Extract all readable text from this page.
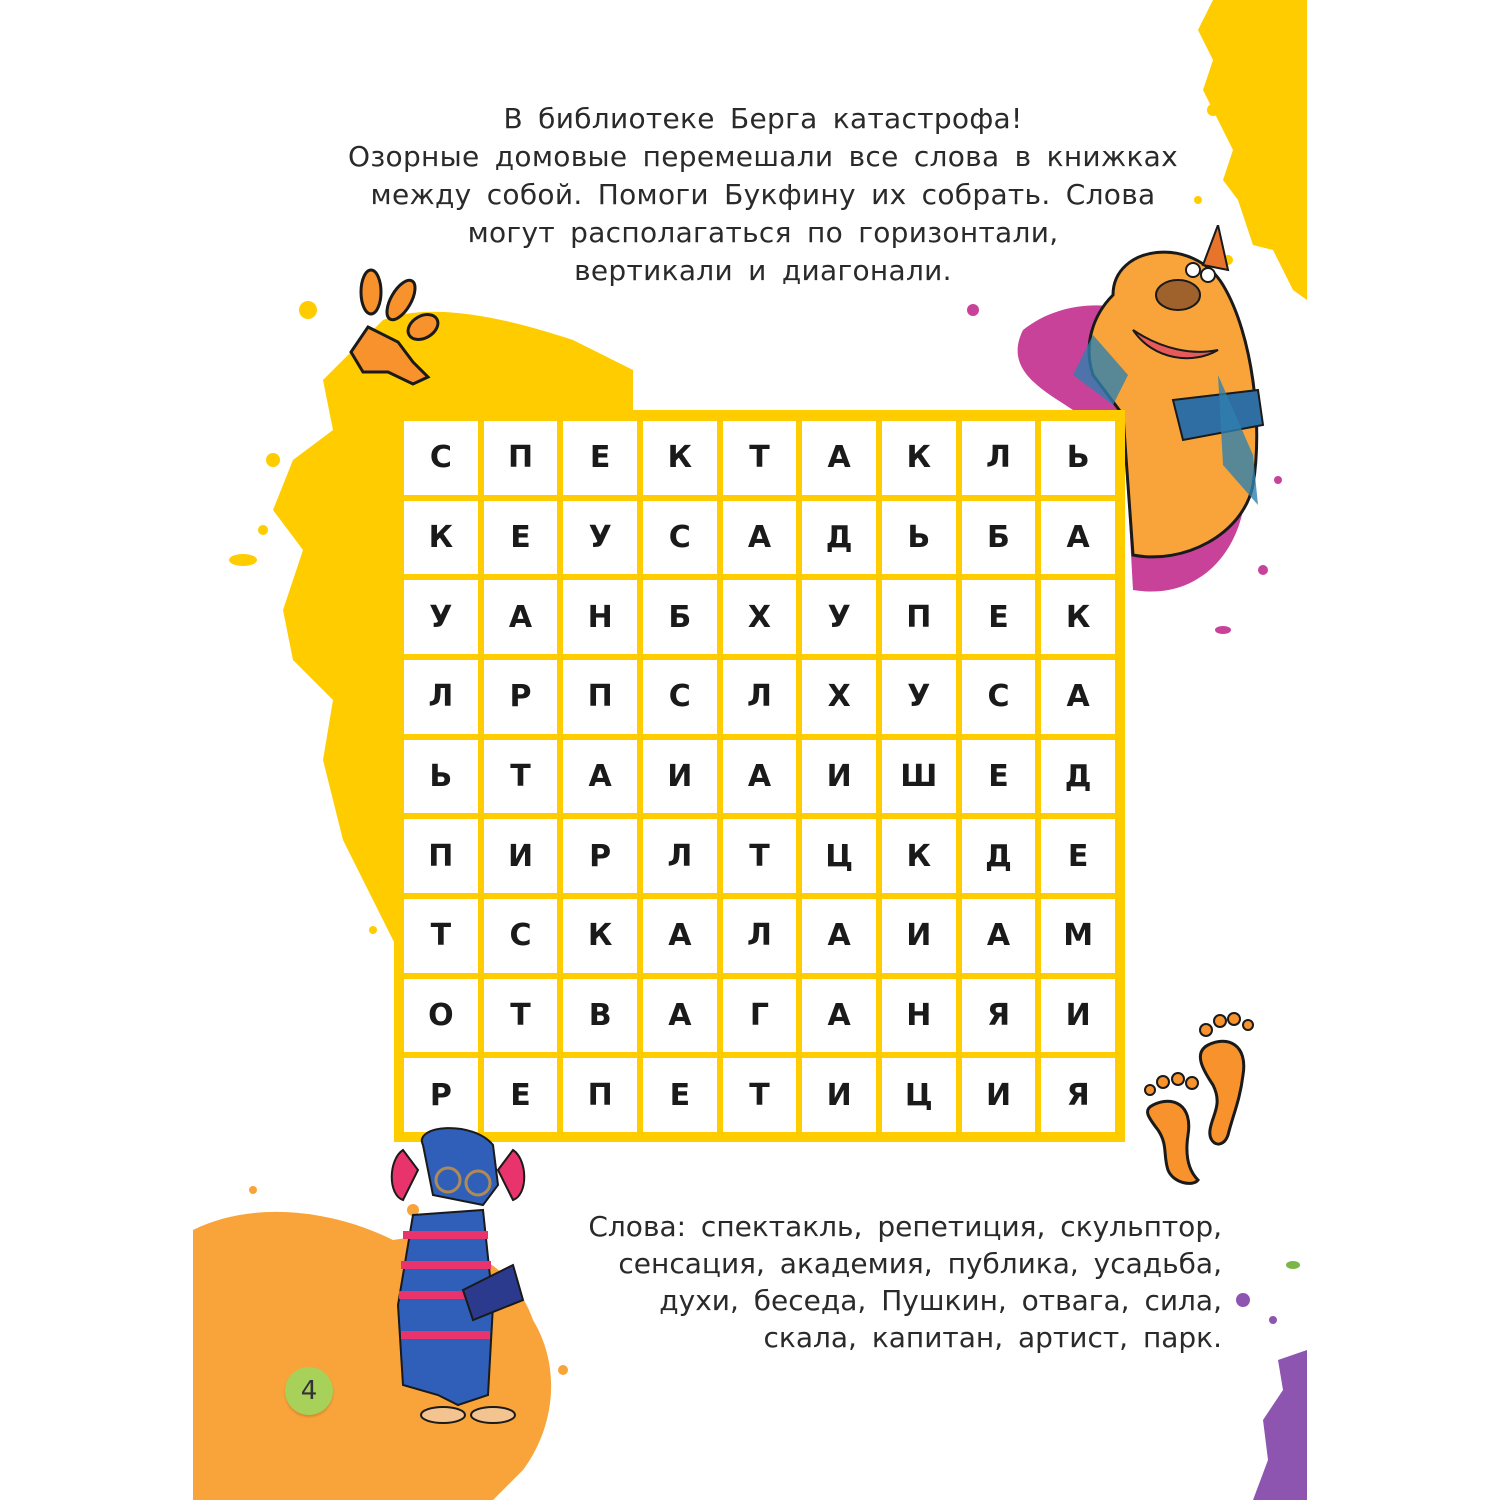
В библиотеке Берга катастрофа!
Озорные домовые перемешали все слова в книжках
между собой. Помоги Букфину их собрать. Слова
могут располагаться по горизонтали,
вертикали и диагонали.
С	П	Е	К	Т	А	К	Л	Ь
К	Е	У	С	А	Д	Ь	Б	А
У	А	Н	Б	Х	У	П	Е	К
Л	Р	П	С	Л	Х	У	С	А
Ь	Т	А	И	А	И	Ш	Е	Д
П	И	Р	Л	Т	Ц	К	Д	Е
Т	С	К	А	Л	А	И	А	М
О	Т	В	А	Г	А	Н	Я	И
Р	Е	П	Е	Т	И	Ц	И	Я
Слова: спектакль, репетиция, скульптор,
сенсация, академия, публика, усадьба,
духи, беседа, Пушкин, отвага, сила,
скала, капитан, артист, парк.
4
